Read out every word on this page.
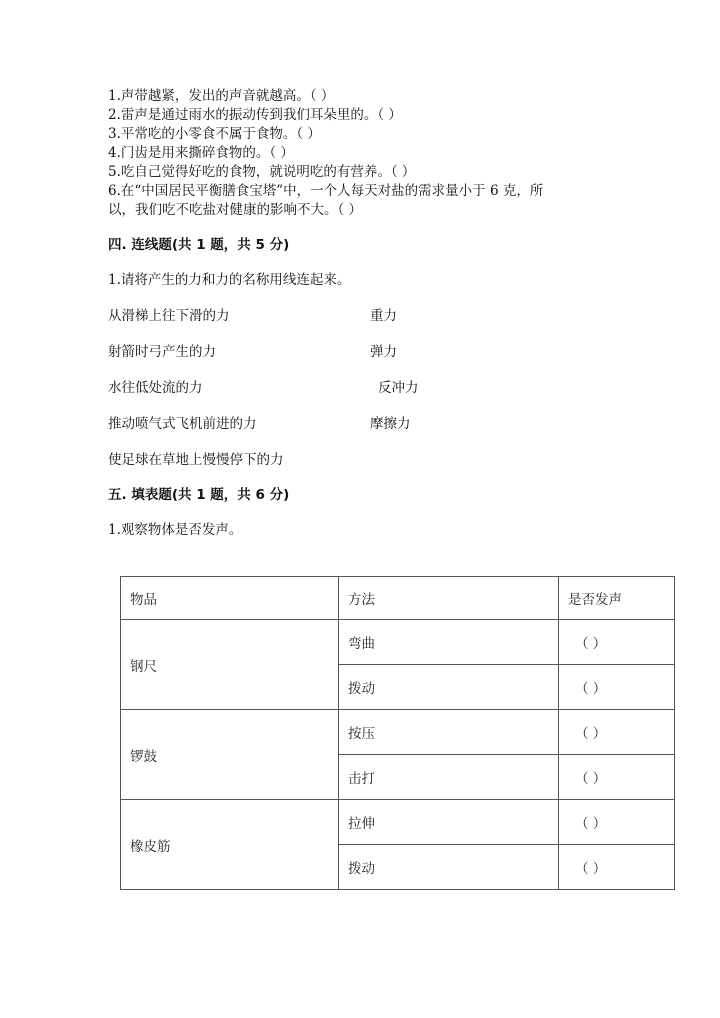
1.声带越紧，发出的声音就越高。（ ）
2.雷声是通过雨水的振动传到我们耳朵里的。（ ）
3.平常吃的小零食不属于食物。（ ）
4.门齿是用来撕碎食物的。（ ）
5.吃自己觉得好吃的食物，就说明吃的有营养。（ ）
6.在“中国居民平衡膳食宝塔”中，一个人每天对盐的需求量小于 6 克，所
以，我们吃不吃盐对健康的影响不大。（ ）
四. 连线题(共 1 题，共 5 分)
1.请将产生的力和力的名称用线连起来。
从滑梯上往下滑的力
射箭时弓产生的力
水往低处流的力
推动喷气式飞机前进的力
使足球在草地上慢慢停下的力
重力
弹力
反冲力
摩擦力
五. 填表题(共 1 题，共 6 分)
1.观察物体是否发声。
物品	方法	是否发声
钢尺	弯曲	（ ）
	拨动	（ ）
锣鼓	按压	（ ）
	击打	（ ）
橡皮筋	拉伸	（ ）
	拨动	（ ）
